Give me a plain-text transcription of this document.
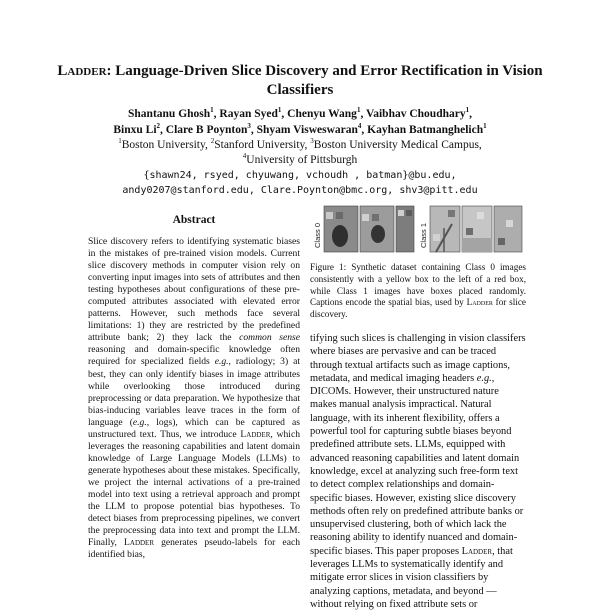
Ladder: Language-Driven Slice Discovery and Error Rectification in Vision Classifiers
Shantanu Ghosh$^1$, Rayan Syed$^1$, Chenyu Wang$^1$, Vaibhav Choudhary$^1$,
Binxu Li$^2$, Clare B Poynton$^3$, Shyam Visweswaran$^4$, Kayhan Batmanghelich$^1$
$^1$Boston University, $^2$Stanford University, $^3$Boston University Medical Campus,
$^4$University of Pittsburgh
{shawn24, rsyed, chyuwang, vchoudh , batman}@bu.edu,
andy0207@stanford.edu, Clare.Poynton@bmc.org, shv3@pitt.edu
Abstract
Slice discovery refers to identifying systematic biases in the mistakes of pre-trained vision models. Current slice discovery methods in computer vision rely on converting input images into sets of attributes and then testing hypotheses about configurations of these pre-computed attributes associated with elevated error patterns. However, such methods face several limitations: 1) they are restricted by the predefined attribute bank; 2) they lack the common sense reasoning and domain-specific knowledge often required for specialized fields e.g., radiology; 3) at best, they can only identify biases in image attributes while overlooking those introduced during preprocessing or data preparation. We hypothesize that bias-inducing variables leave traces in the form of language (e.g., logs), which can be captured as unstructured text. Thus, we introduce Ladder, which leverages the reasoning capabilities and latent domain knowledge of Large Language Models (LLMs) to generate hypotheses about these mistakes. Specifically, we project the internal activations of a pre-trained model into text using a retrieval approach and prompt the LLM to propose potential bias hypotheses. To detect biases from preprocessing pipelines, we convert the preprocessing data into text and prompt the LLM. Finally, Ladder generates pseudo-labels for each identified bias,
Class 0	Class 1
Figure 1: Synthetic dataset containing Class 0 images consistently with a yellow box to the left of a red box, while Class 1 images have boxes placed randomly. Captions encode the spatial bias, used by Ladder for slice discovery.
tifying such slices is challenging in vision classifers where biases are pervasive and can be traced through textual artifacts such as image captions, metadata, and medical imaging headers e.g., DICOMs. However, their unstructured nature makes manual analysis impractical. Natural language, with its inherent flexibility, offers a powerful tool for capturing subtle biases beyond predefined attribute sets. LLMs, equipped with advanced reasoning capabilities and latent domain knowledge, excel at analyzing such free-form text to detect complex relationships and domain-specific biases. However, existing slice discovery methods often rely on predefined attribute banks or unsupervised clustering, both of which lack the reasoning ability to identify nuanced and domain-specific biases. This paper proposes Ladder, that leverages LLMs to systematically identify and mitigate error slices in vision classifiers by analyzing captions, metadata, and beyond — without relying on fixed attribute sets or
